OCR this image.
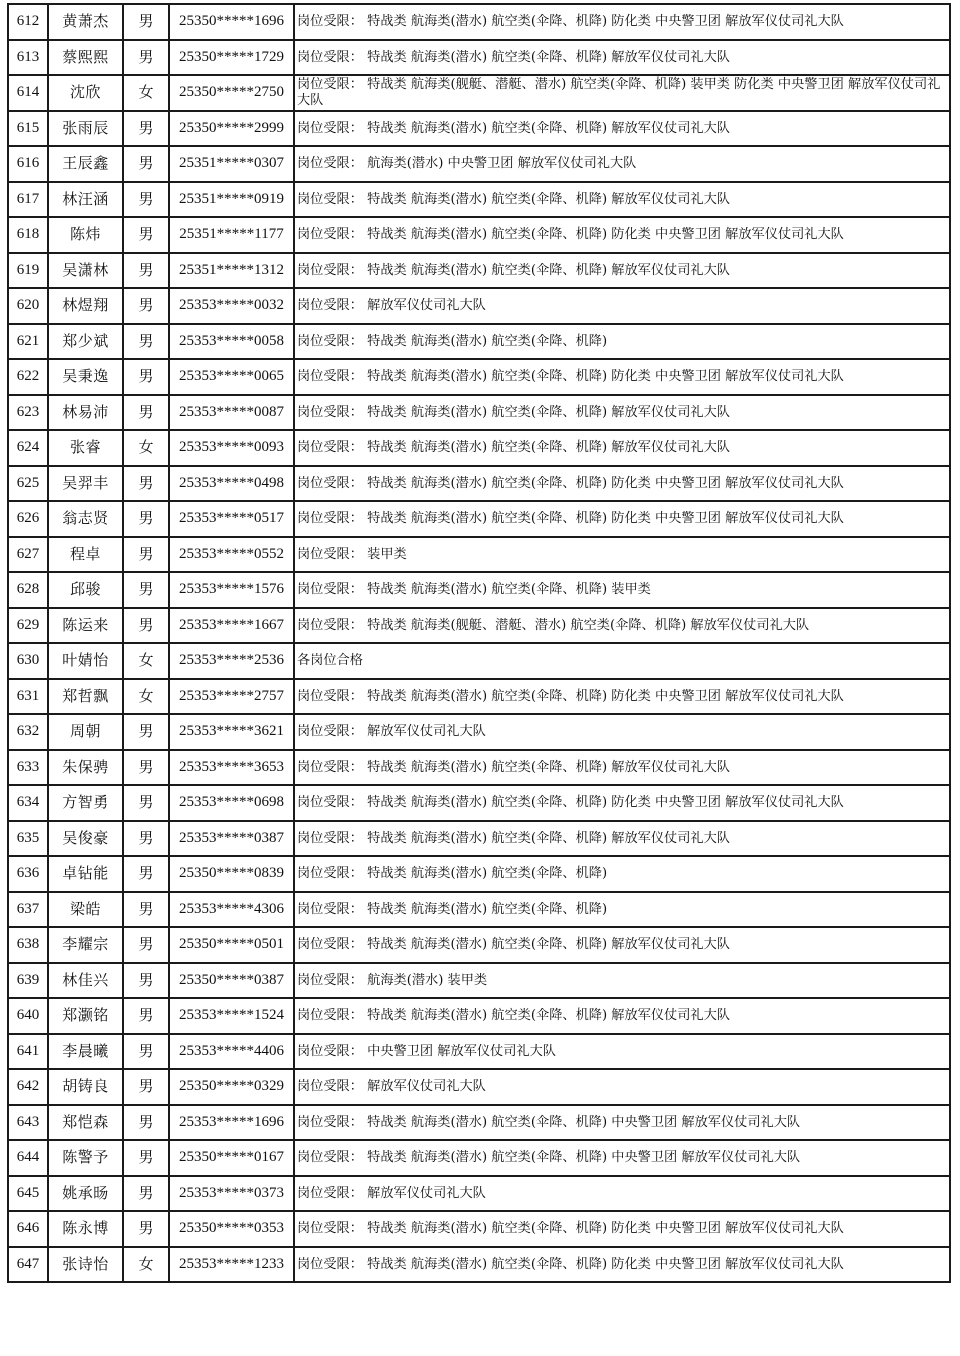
612	黄萧杰	男	25350*****1696	岗位受限： 特战类 航海类(潜水) 航空类(伞降、机降) 防化类 中央警卫团 解放军仪仗司礼大队
613	蔡熙熙	男	25350*****1729	岗位受限： 特战类 航海类(潜水) 航空类(伞降、机降) 解放军仪仗司礼大队
614	沈欣	女	25350*****2750	岗位受限： 特战类 航海类(舰艇、潜艇、潜水) 航空类(伞降、机降) 装甲类 防化类 中央警卫团 解放军仪仗司礼大队
615	张雨辰	男	25350*****2999	岗位受限： 特战类 航海类(潜水) 航空类(伞降、机降) 解放军仪仗司礼大队
616	王辰鑫	男	25351*****0307	岗位受限： 航海类(潜水) 中央警卫团 解放军仪仗司礼大队
617	林汪涵	男	25351*****0919	岗位受限： 特战类 航海类(潜水) 航空类(伞降、机降) 解放军仪仗司礼大队
618	陈炜	男	25351*****1177	岗位受限： 特战类 航海类(潜水) 航空类(伞降、机降) 防化类 中央警卫团 解放军仪仗司礼大队
619	吴潇林	男	25351*****1312	岗位受限： 特战类 航海类(潜水) 航空类(伞降、机降) 解放军仪仗司礼大队
620	林煜翔	男	25353*****0032	岗位受限： 解放军仪仗司礼大队
621	郑少斌	男	25353*****0058	岗位受限： 特战类 航海类(潜水) 航空类(伞降、机降)
622	吴秉逸	男	25353*****0065	岗位受限： 特战类 航海类(潜水) 航空类(伞降、机降) 防化类 中央警卫团 解放军仪仗司礼大队
623	林易沛	男	25353*****0087	岗位受限： 特战类 航海类(潜水) 航空类(伞降、机降) 解放军仪仗司礼大队
624	张睿	女	25353*****0093	岗位受限： 特战类 航海类(潜水) 航空类(伞降、机降) 解放军仪仗司礼大队
625	吴羿丰	男	25353*****0498	岗位受限： 特战类 航海类(潜水) 航空类(伞降、机降) 防化类 中央警卫团 解放军仪仗司礼大队
626	翁志贤	男	25353*****0517	岗位受限： 特战类 航海类(潜水) 航空类(伞降、机降) 防化类 中央警卫团 解放军仪仗司礼大队
627	程卓	男	25353*****0552	岗位受限： 装甲类
628	邱骏	男	25353*****1576	岗位受限： 特战类 航海类(潜水) 航空类(伞降、机降) 装甲类
629	陈运来	男	25353*****1667	岗位受限： 特战类 航海类(舰艇、潜艇、潜水) 航空类(伞降、机降) 解放军仪仗司礼大队
630	叶婧怡	女	25353*****2536	各岗位合格
631	郑哲飘	女	25353*****2757	岗位受限： 特战类 航海类(潜水) 航空类(伞降、机降) 防化类 中央警卫团 解放军仪仗司礼大队
632	周朝	男	25353*****3621	岗位受限： 解放军仪仗司礼大队
633	朱保骋	男	25353*****3653	岗位受限： 特战类 航海类(潜水) 航空类(伞降、机降) 解放军仪仗司礼大队
634	方智勇	男	25353*****0698	岗位受限： 特战类 航海类(潜水) 航空类(伞降、机降) 防化类 中央警卫团 解放军仪仗司礼大队
635	吴俊豪	男	25353*****0387	岗位受限： 特战类 航海类(潜水) 航空类(伞降、机降) 解放军仪仗司礼大队
636	卓钻能	男	25350*****0839	岗位受限： 特战类 航海类(潜水) 航空类(伞降、机降)
637	梁皓	男	25353*****4306	岗位受限： 特战类 航海类(潜水) 航空类(伞降、机降)
638	李耀宗	男	25350*****0501	岗位受限： 特战类 航海类(潜水) 航空类(伞降、机降) 解放军仪仗司礼大队
639	林佳兴	男	25350*****0387	岗位受限： 航海类(潜水) 装甲类
640	郑灏铭	男	25353*****1524	岗位受限： 特战类 航海类(潜水) 航空类(伞降、机降) 解放军仪仗司礼大队
641	李晨曦	男	25353*****4406	岗位受限： 中央警卫团 解放军仪仗司礼大队
642	胡铸良	男	25350*****0329	岗位受限： 解放军仪仗司礼大队
643	郑恺森	男	25353*****1696	岗位受限： 特战类 航海类(潜水) 航空类(伞降、机降) 中央警卫团 解放军仪仗司礼大队
644	陈警予	男	25350*****0167	岗位受限： 特战类 航海类(潜水) 航空类(伞降、机降) 中央警卫团 解放军仪仗司礼大队
645	姚承旸	男	25353*****0373	岗位受限： 解放军仪仗司礼大队
646	陈永博	男	25350*****0353	岗位受限： 特战类 航海类(潜水) 航空类(伞降、机降) 防化类 中央警卫团 解放军仪仗司礼大队
647	张诗怡	女	25353*****1233	岗位受限： 特战类 航海类(潜水) 航空类(伞降、机降) 防化类 中央警卫团 解放军仪仗司礼大队
